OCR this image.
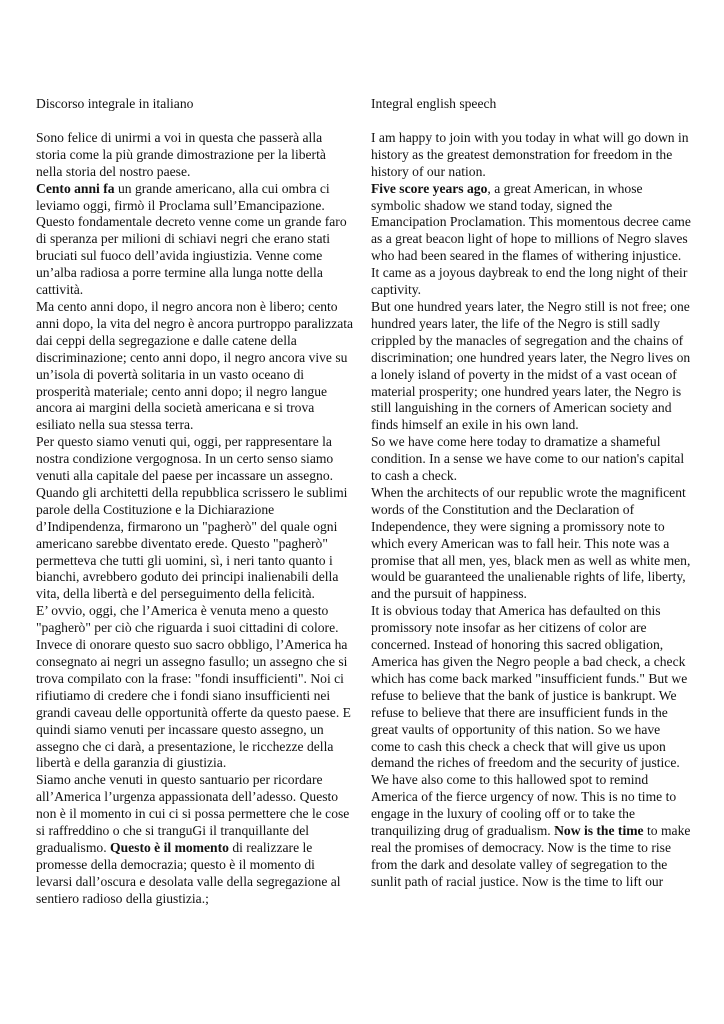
Discorso integrale in italiano

Sono felice di unirmi a voi in questa che passerà alla storia come la più grande dimostrazione per la libertà nella storia del nostro paese.

Cento anni fa un grande americano, alla cui ombra ci leviamo oggi, firmò il Proclama sull’Emancipazione. Questo fondamentale decreto venne come un grande faro di speranza per milioni di schiavi negri che erano stati bruciati sul fuoco dell’avida ingiustizia. Venne come un’alba radiosa a porre termine alla lunga notte della cattività.

Ma cento anni dopo, il negro ancora non è libero; cento anni dopo, la vita del negro è ancora purtroppo paralizzata dai ceppi della segregazione e dalle catene della discriminazione; cento anni dopo, il negro ancora vive su un’isola di povertà solitaria in un vasto oceano di prosperità materiale; cento anni dopo; il negro langue ancora ai margini della società americana e si trova esiliato nella sua stessa terra.

Per questo siamo venuti qui, oggi, per rappresentare la nostra condizione vergognosa. In un certo senso siamo venuti alla capitale del paese per incassare un assegno. Quando gli architetti della repubblica scrissero le sublimi parole della Costituzione e la Dichiarazione d’Indipendenza, firmarono un "pagherò" del quale ogni americano sarebbe diventato erede. Questo "pagherò" permetteva che tutti gli uomini, sì, i neri tanto quanto i bianchi, avrebbero goduto dei principi inalienabili della vita, della libertà e del perseguimento della felicità.

E’ ovvio, oggi, che l’America è venuta meno a questo "pagherò" per ciò che riguarda i suoi cittadini di colore. Invece di onorare questo suo sacro obbligo, l’America ha consegnato ai negri un assegno fasullo; un assegno che si trova compilato con la frase: "fondi insufficienti". Noi ci rifiutiamo di credere che i fondi siano insufficienti nei grandi caveau delle opportunità offerte da questo paese. E quindi siamo venuti per incassare questo assegno, un assegno che ci darà, a presentazione, le ricchezze della libertà e della garanzia di giustizia.

Siamo anche venuti in questo santuario per ricordare all’America l’urgenza appassionata dell’adesso. Questo non è il momento in cui ci si possa permettere che le cose si raffreddino o che si tranguGi il tranquillante del gradualismo. Questo è il momento di realizzare le promesse della democrazia; questo è il momento di levarsi dall’oscura e desolata valle della segregazione al sentiero radioso della giustizia.;

Integral english speech

I am happy to join with you today in what will go down in history as the greatest demonstration for freedom in the history of our nation.

Five score years ago, a great American, in whose symbolic shadow we stand today, signed the Emancipation Proclamation. This momentous decree came as a great beacon light of hope to millions of Negro slaves who had been seared in the flames of withering injustice. It came as a joyous daybreak to end the long night of their captivity.

But one hundred years later, the Negro still is not free; one hundred years later, the life of the Negro is still sadly crippled by the manacles of segregation and the chains of discrimination; one hundred years later, the Negro lives on a lonely island of poverty in the midst of a vast ocean of material prosperity; one hundred years later, the Negro is still languishing in the corners of American society and finds himself an exile in his own land.

So we have come here today to dramatize a shameful condition. In a sense we have come to our nation's capital to cash a check.

When the architects of our republic wrote the magnificent words of the Constitution and the Declaration of Independence, they were signing a promissory note to which every American was to fall heir. This note was a promise that all men, yes, black men as well as white men, would be guaranteed the unalienable rights of life, liberty, and the pursuit of happiness.

It is obvious today that America has defaulted on this promissory note insofar as her citizens of color are concerned. Instead of honoring this sacred obligation, America has given the Negro people a bad check, a check which has come back marked "insufficient funds." But we refuse to believe that the bank of justice is bankrupt. We refuse to believe that there are insufficient funds in the great vaults of opportunity of this nation. So we have come to cash this check a check that will give us upon demand the riches of freedom and the security of justice. We have also come to this hallowed spot to remind America of the fierce urgency of now. This is no time to engage in the luxury of cooling off or to take the tranquilizing drug of gradualism. Now is the time to make real the promises of democracy. Now is the time to rise from the dark and desolate valley of segregation to the sunlit path of racial justice. Now is the time to lift our
